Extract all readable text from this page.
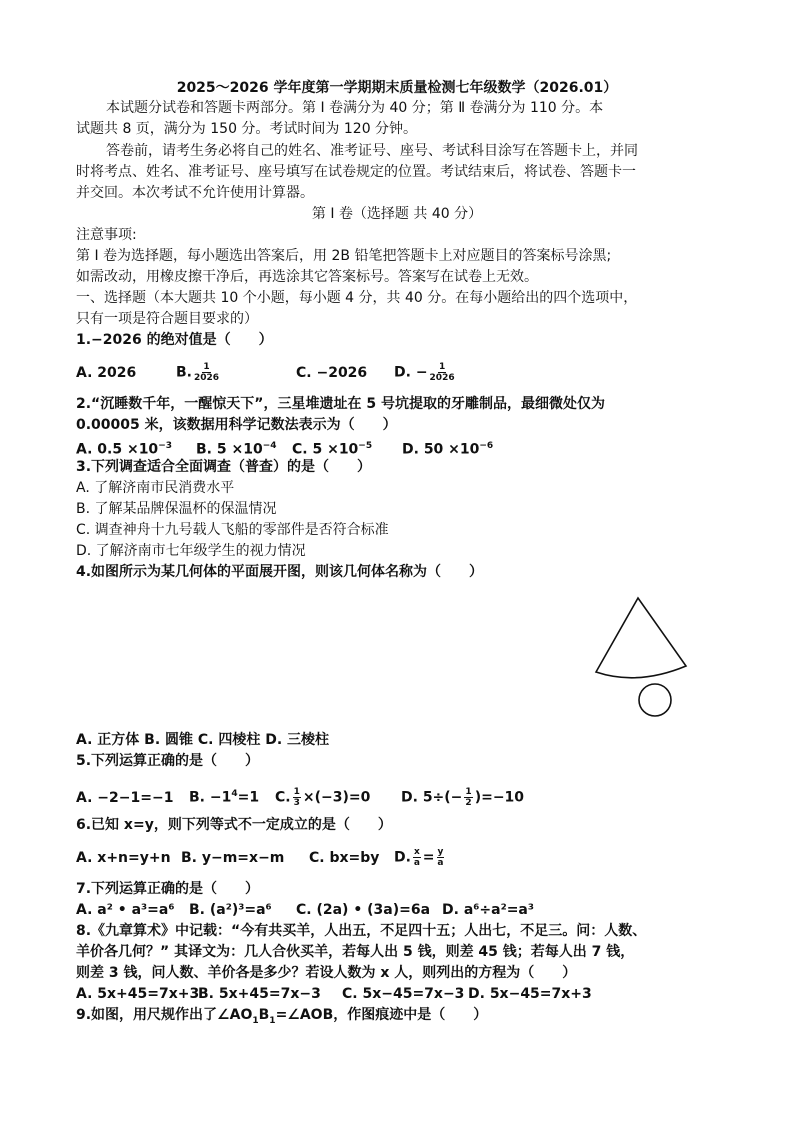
2025～2026 学年度第一学期期末质量检测七年级数学（2026.01）
本试题分试卷和答题卡两部分。第 Ⅰ 卷满分为 40 分；第 Ⅱ 卷满分为 110 分。本
试题共 8 页，满分为 150 分。考试时间为 120 分钟。
答卷前，请考生务必将自己的姓名、准考证号、座号、考试科目涂写在答题卡上，并同
时将考点、姓名、准考证号、座号填写在试卷规定的位置。考试结束后，将试卷、答题卡一
并交回。本次考试不允许使用计算器。
第 Ⅰ 卷（选择题 共 40 分）
注意事项:
第 Ⅰ 卷为选择题，每小题选出答案后，用 2B 铅笔把答题卡上对应题目的答案标号涂黑;
如需改动，用橡皮擦干净后，再选涂其它答案标号。答案写在试卷上无效。
一、选择题（本大题共 10 个小题，每小题 4 分，共 40 分。在每小题给出的四个选项中，
只有一项是符合题目要求的）
1.−2026 的绝对值是（　　）
A. 2026	B. $\frac{1}{2026}$	C. −2026 D. − $\frac{1}{2026}$
2.“沉睡数千年，一醒惊天下”，三星堆遗址在 5 号坑提取的牙雕制品，最细微处仅为
0.00005 米，该数据用科学记数法表示为（　　）
A. $0.5 \times 10^{-3}$ B. $5 \times 10^{-4}$ C. $5 \times 10^{-5}$ D. $50 \times 10^{-6}$
3.下列调查适合全面调查（普查）的是（　　）
A. 了解济南市民消费水平
B. 了解某品牌保温杯的保温情况
C. 调查神舟十九号载人飞船的零部件是否符合标准
D. 了解济南市七年级学生的视力情况
4.如图所示为某几何体的平面展开图，则该几何体名称为（　　）
A. 正方体 B. 圆锥 C. 四棱柱 D. 三棱柱
5.下列运算正确的是（　　）
A. −2−1=−1 B. $-1^4=1$ C. $\frac{1}{3} \times(-3)=0$ D. $5\div(- \frac{1}{2} )=-10$
6.已知 x=y，则下列等式不一定成立的是（　　）
A. x+n=y+n B. y−m=x−m C. bx=by D. $\frac{x}{a} = \frac{y}{a}$
7.下列运算正确的是（　　）
A. a² • a³=a⁶ B. (a²)³=a⁶ C. (2a) • (3a)=6a D. a⁶÷a²=a³
8.《九章算术》中记载：“今有共买羊，人出五，不足四十五；人出七，不足三。问：人数、
羊价各几何？” 其译文为：几人合伙买羊，若每人出 5 钱，则差 45 钱；若每人出 7 钱，
则差 3 钱，问人数、羊价各是多少？若设人数为 x 人，则列出的方程为（　　）
A. 5x+45=7x+3B. 5x+45=7x−3 C. 5x−45=7x−3 D. 5x−45=7x+3
9.如图，用尺规作出了$\angle AO_1B_1=\angle AOB$，作图痕迹中是（　　）
